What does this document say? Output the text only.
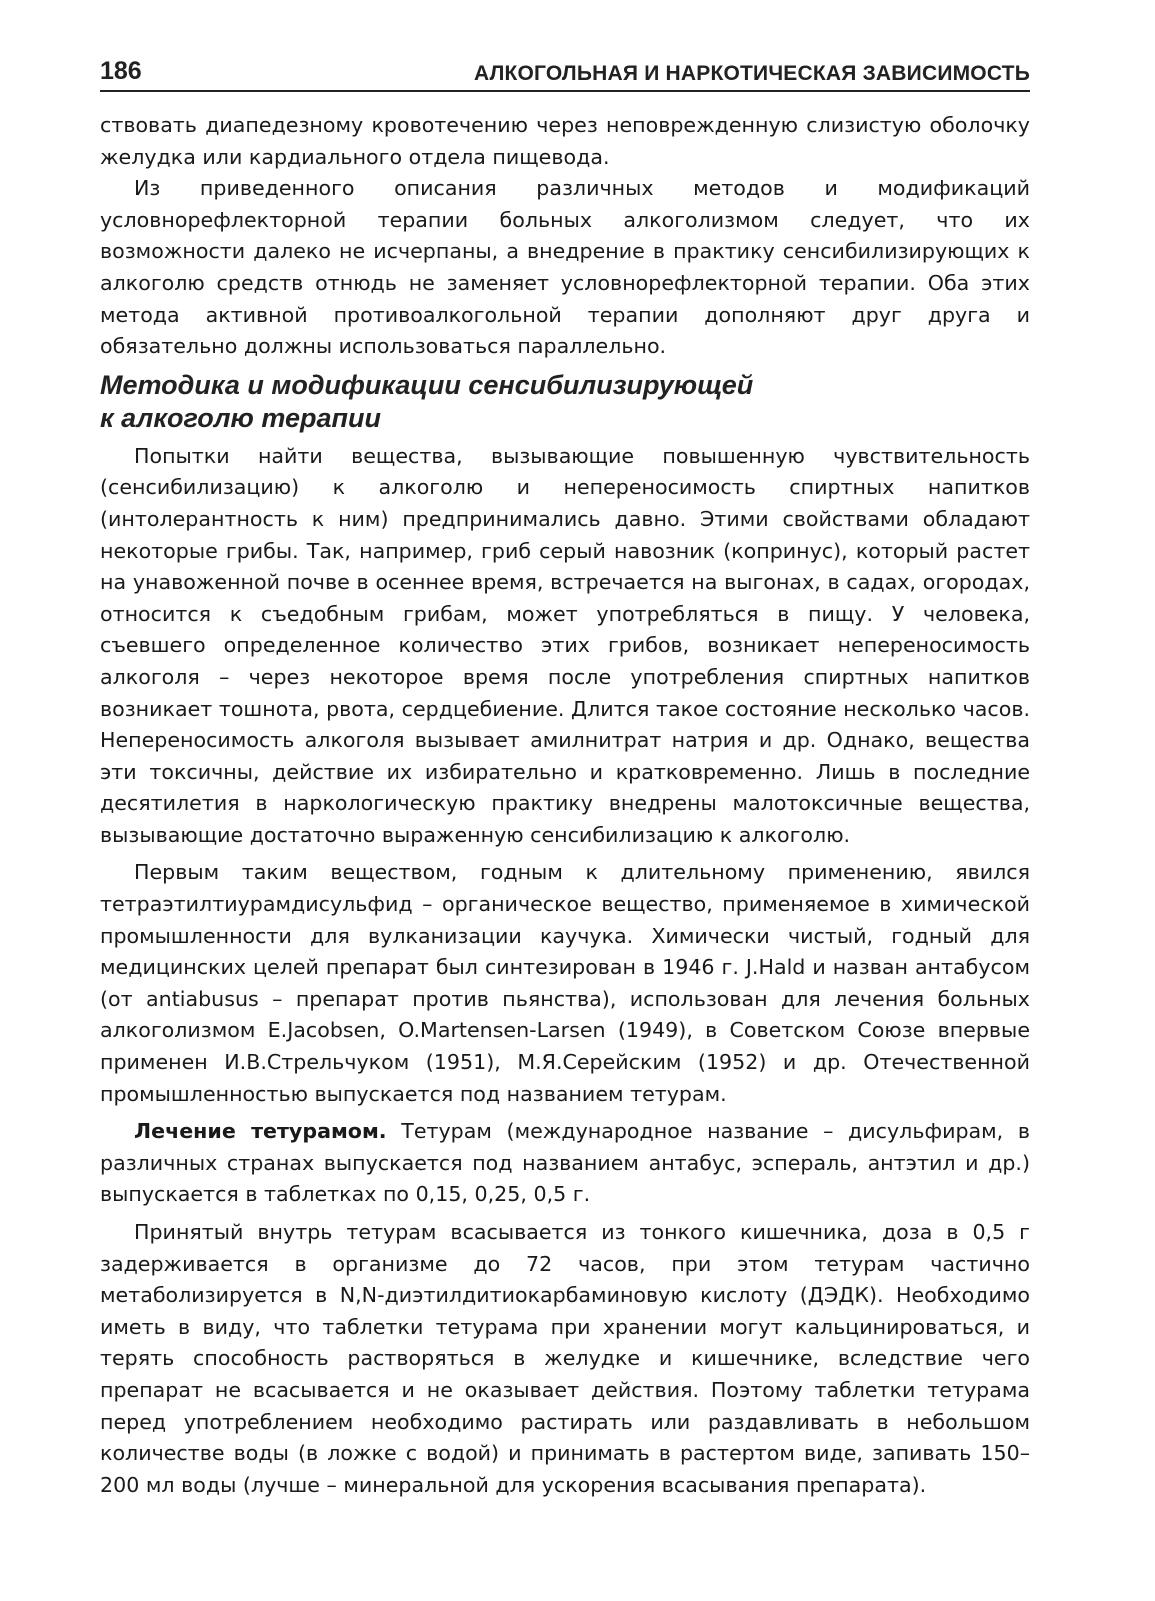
186	АЛКОГОЛЬНАЯ И НАРКОТИЧЕСКАЯ ЗАВИСИМОСТЬ

ствовать диапедезному кровотечению через неповрежденную слизистую оболочку желудка или кардиального отдела пищевода.

Из приведенного описания различных методов и модификаций условнорефлекторной терапии больных алкоголизмом следует, что их возможности далеко не исчерпаны, а внедрение в практику сенсибилизирующих к алкоголю средств отнюдь не заменяет условнорефлекторной терапии. Оба этих метода активной противоалкогольной терапии дополняют друг друга и обязательно должны использоваться параллельно.

Методика и модификации сенсибилизирующей
к алкоголю терапии

Попытки найти вещества, вызывающие повышенную чувствительность (сенсибилизацию) к алкоголю и непереносимость спиртных напитков (интолерантность к ним) предпринимались давно. Этими свойствами обладают некоторые грибы. Так, например, гриб серый навозник (копринус), который растет на унавоженной почве в осеннее время, встречается на выгонах, в садах, огородах, относится к съедобным грибам, может употребляться в пищу. У человека, съевшего определенное количество этих грибов, возникает непереносимость алкоголя – через некоторое время после употребления спиртных напитков возникает тошнота, рвота, сердцебиение. Длится такое состояние несколько часов. Непереносимость алкоголя вызывает амилнитрат натрия и др. Однако, вещества эти токсичны, действие их избирательно и кратковременно. Лишь в последние десятилетия в наркологическую практику внедрены малотоксичные вещества, вызывающие достаточно выраженную сенсибилизацию к алкоголю.

Первым таким веществом, годным к длительному применению, явился тетраэтилтиурамдисульфид – органическое вещество, применяемое в химической промышленности для вулканизации каучука. Химически чистый, годный для медицинских целей препарат был синтезирован в 1946 г. J.Hald и назван антабусом (от antiabusus – препарат против пьянства), использован для лечения больных алкоголизмом E.Jacobsen, O.Martensen-Larsen (1949), в Советском Союзе впервые применен И.В.Стрельчуком (1951), М.Я.Серейским (1952) и др. Отечественной промышленностью выпускается под названием тетурам.

Лечение тетурамом. Тетурам (международное название – дисульфирам, в различных странах выпускается под названием антабус, эспераль, антэтил и др.) выпускается в таблетках по 0,15, 0,25, 0,5 г.

Принятый внутрь тетурам всасывается из тонкого кишечника, доза в 0,5 г задерживается в организме до 72 часов, при этом тетурам частично метаболизируется в N,N-диэтилдитиокарбаминовую кислоту (ДЭДК). Необходимо иметь в виду, что таблетки тетурама при хранении могут кальцинироваться, и терять способность растворяться в желудке и кишечнике, вследствие чего препарат не всасывается и не оказывает действия. Поэтому таблетки тетурама перед употреблением необходимо растирать или раздавливать в небольшом количестве воды (в ложке с водой) и принимать в растертом виде, запивать 150–200 мл воды (лучше – минеральной для ускорения всасывания препарата).
